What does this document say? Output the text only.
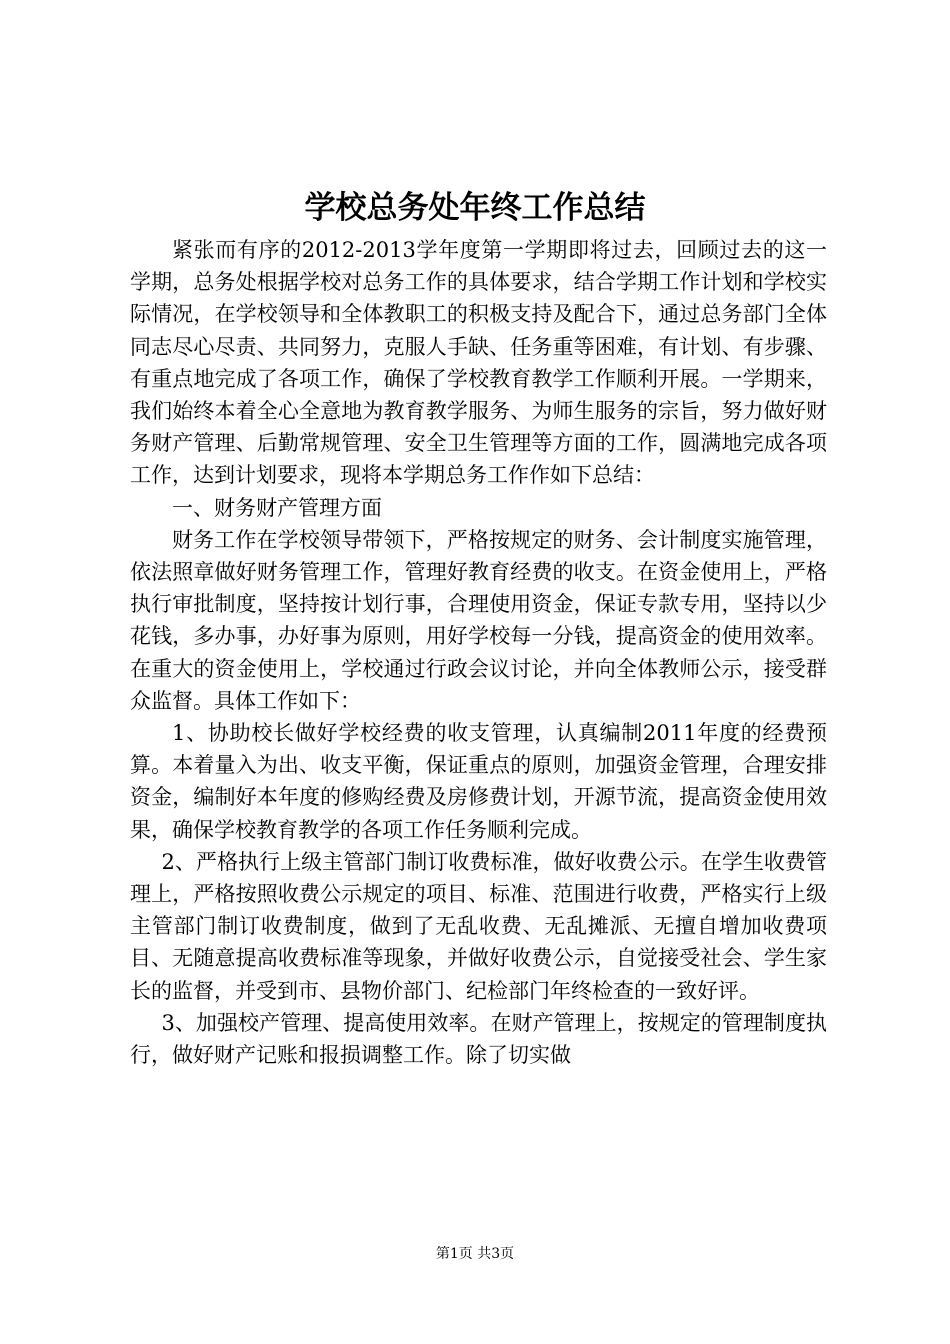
学校总务处年终工作总结

紧张而有序的2012-2013学年度第一学期即将过去，回顾过去的这一学期，总务处根据学校对总务工作的具体要求，结合学期工作计划和学校实际情况，在学校领导和全体教职工的积极支持及配合下，通过总务部门全体同志尽心尽责、共同努力，克服人手缺、任务重等困难，有计划、有步骤、有重点地完成了各项工作，确保了学校教育教学工作顺利开展。一学期来，我们始终本着全心全意地为教育教学服务、为师生服务的宗旨，努力做好财务财产管理、后勤常规管理、安全卫生管理等方面的工作，圆满地完成各项工作，达到计划要求，现将本学期总务工作作如下总结：

一、财务财产管理方面

财务工作在学校领导带领下，严格按规定的财务、会计制度实施管理，依法照章做好财务管理工作，管理好教育经费的收支。在资金使用上，严格执行审批制度，坚持按计划行事，合理使用资金，保证专款专用，坚持以少花钱，多办事，办好事为原则，用好学校每一分钱，提高资金的使用效率。在重大的资金使用上，学校通过行政会议讨论，并向全体教师公示，接受群众监督。具体工作如下：

1、协助校长做好学校经费的收支管理，认真编制2011年度的经费预算。本着量入为出、收支平衡，保证重点的原则，加强资金管理，合理安排资金，编制好本年度的修购经费及房修费计划，开源节流，提高资金使用效果，确保学校教育教学的各项工作任务顺利完成。

2、严格执行上级主管部门制订收费标准，做好收费公示。在学生收费管理上，严格按照收费公示规定的项目、标准、范围进行收费，严格实行上级主管部门制订收费制度，做到了无乱收费、无乱摊派、无擅自增加收费项目、无随意提高收费标准等现象，并做好收费公示，自觉接受社会、学生家长的监督，并受到市、县物价部门、纪检部门年终检查的一致好评。

3、加强校产管理、提高使用效率。在财产管理上，按规定的管理制度执行，做好财产记账和报损调整工作。除了切实做

第1页 共3页
